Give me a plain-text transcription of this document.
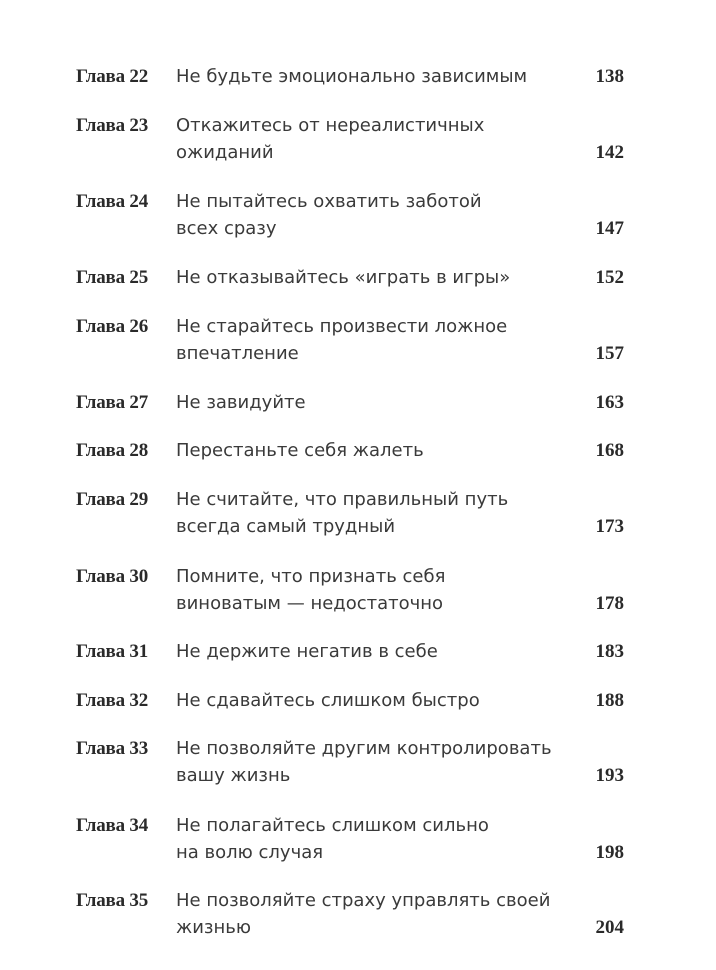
Глава 22 Не будьте эмоционально зависимым	138
Глава 23 Откажитесь от нереалистичных
ожиданий	142
Глава 24 Не пытайтесь охватить заботой
всех сразу	147
Глава 25 Не отказывайтесь «играть в игры»	152
Глава 26 Не старайтесь произвести ложное
впечатление	157
Глава 27 Не завидуйте	163
Глава 28 Перестаньте себя жалеть	168
Глава 29 Не считайте, что правильный путь
всегда самый трудный	173
Глава 30 Помните, что признать себя
виноватым — недостаточно	178
Глава 31 Не держите негатив в себе	183
Глава 32 Не сдавайтесь слишком быстро	188
Глава 33 Не позволяйте другим контролировать
вашу жизнь	193
Глава 34 Не полагайтесь слишком сильно
на волю случая	198
Глава 35 Не позволяйте страху управлять своей
жизнью	204
